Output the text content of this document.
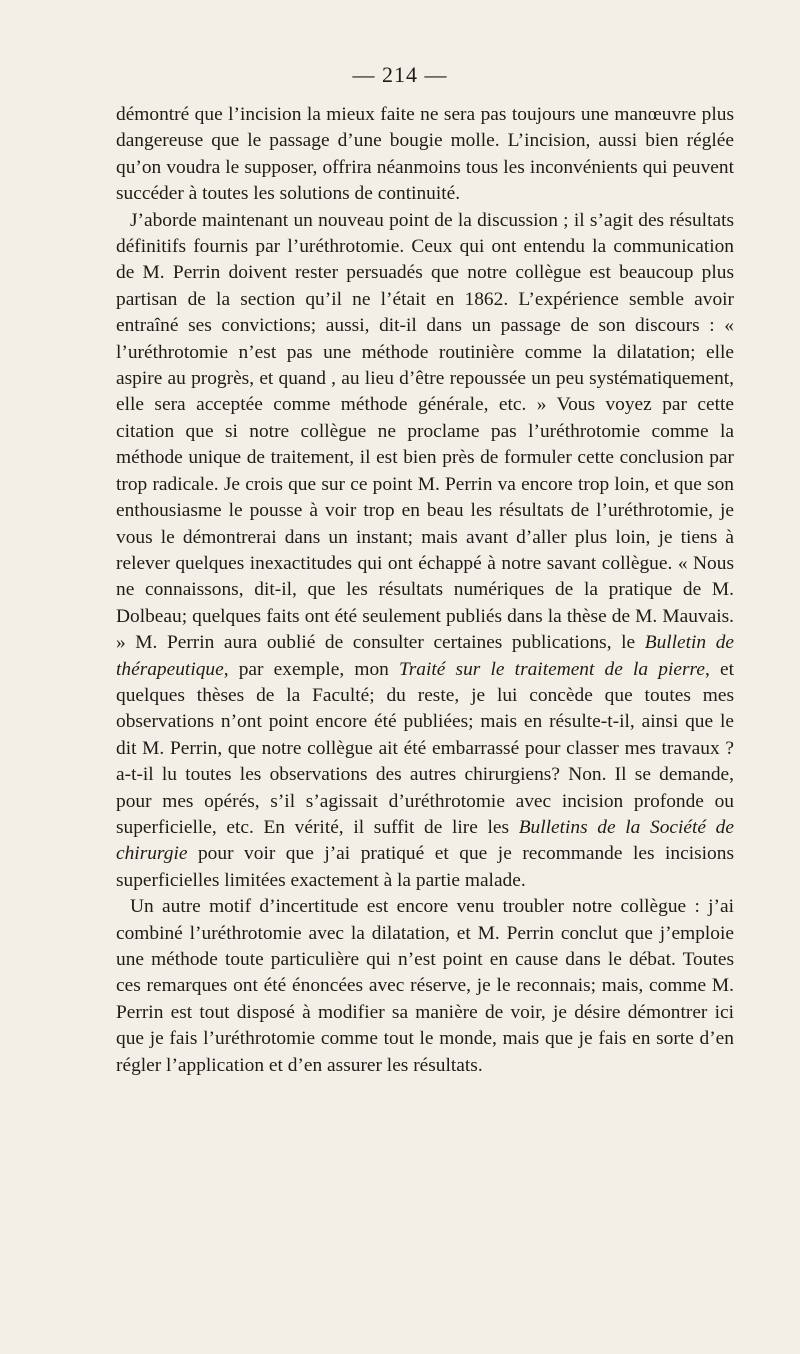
— 214 —

démontré que l’incision la mieux faite ne sera pas toujours une manœuvre plus dangereuse que le passage d’une bougie molle. L’incision, aussi bien réglée qu’on voudra le supposer, offrira néanmoins tous les inconvénients qui peuvent succéder à toutes les solutions de continuité.

J’aborde maintenant un nouveau point de la discussion ; il s’agit des résultats définitifs fournis par l’uréthrotomie. Ceux qui ont entendu la communication de M. Perrin doivent rester persuadés que notre collègue est beaucoup plus partisan de la section qu’il ne l’était en 1862. L’expérience semble avoir entraîné ses convictions; aussi, dit-il dans un passage de son discours : « l’uréthrotomie n’est pas une méthode routinière comme la dilatation; elle aspire au progrès, et quand , au lieu d’être repoussée un peu systématiquement, elle sera acceptée comme méthode générale, etc. » Vous voyez par cette citation que si notre collègue ne proclame pas l’uréthrotomie comme la méthode unique de traitement, il est bien près de formuler cette conclusion par trop radicale. Je crois que sur ce point M. Perrin va encore trop loin, et que son enthousiasme le pousse à voir trop en beau les résultats de l’uréthrotomie, je vous le démontrerai dans un instant; mais avant d’aller plus loin, je tiens à relever quelques inexactitudes qui ont échappé à notre savant collègue. « Nous ne connaissons, dit-il, que les résultats numériques de la pratique de M. Dolbeau; quelques faits ont été seulement publiés dans la thèse de M. Mauvais. » M. Perrin aura oublié de consulter certaines publications, le Bulletin de thérapeutique, par exemple, mon Traité sur le traitement de la pierre, et quelques thèses de la Faculté; du reste, je lui concède que toutes mes observations n’ont point encore été publiées; mais en résulte-t-il, ainsi que le dit M. Perrin, que notre collègue ait été embarrassé pour classer mes travaux ? a-t-il lu toutes les observations des autres chirurgiens? Non. Il se demande, pour mes opérés, s’il s’agissait d’uréthrotomie avec incision profonde ou superficielle, etc. En vérité, il suffit de lire les Bulletins de la Société de chirurgie pour voir que j’ai pratiqué et que je recommande les incisions superficielles limitées exactement à la partie malade.

Un autre motif d’incertitude est encore venu troubler notre collègue : j’ai combiné l’uréthrotomie avec la dilatation, et M. Perrin conclut que j’emploie une méthode toute particulière qui n’est point en cause dans le débat. Toutes ces remarques ont été énoncées avec réserve, je le reconnais; mais, comme M. Perrin est tout disposé à modifier sa manière de voir, je désire démontrer ici que je fais l’uréthrotomie comme tout le monde, mais que je fais en sorte d’en régler l’application et d’en assurer les résultats.
